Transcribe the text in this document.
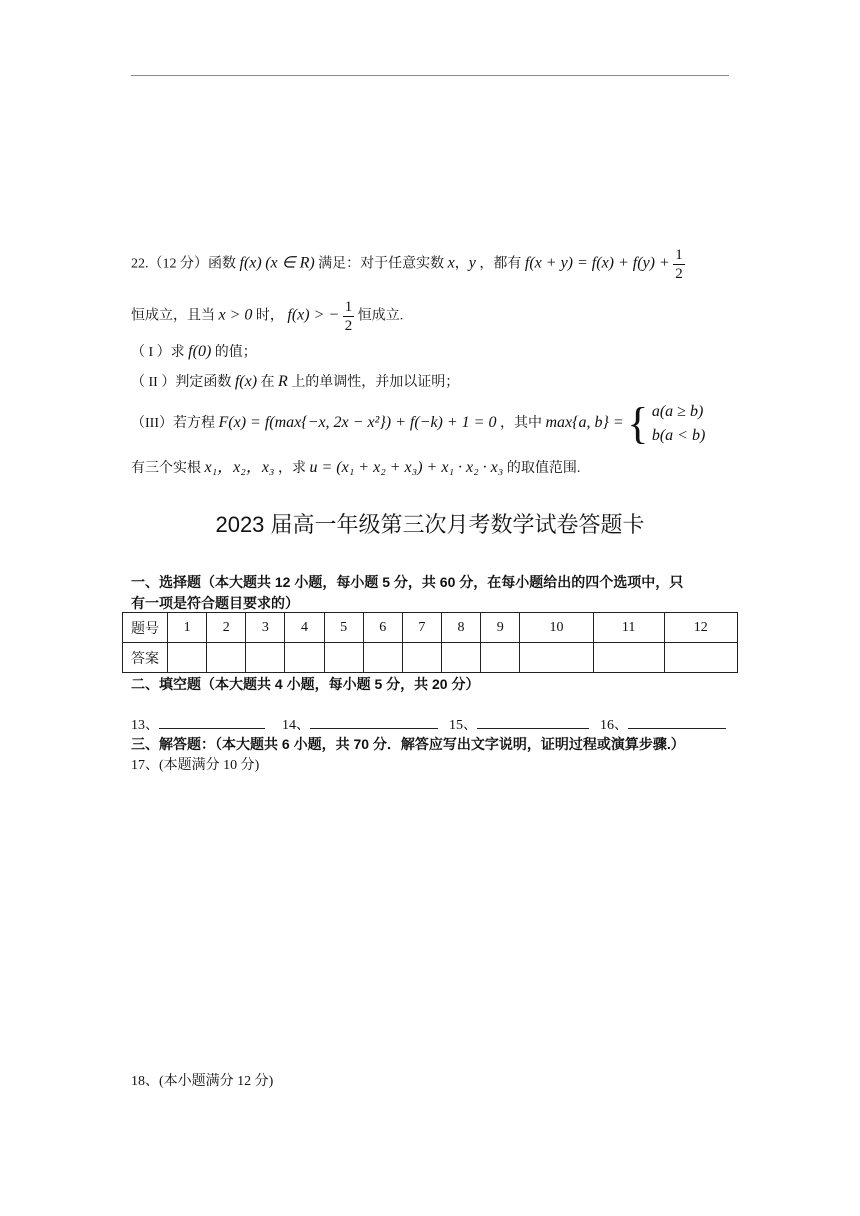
22.（12 分）函数 f(x) (x ∈ R) 满足：对于任意实数 x，y ，都有 $f(x + y) = f(x) + f(y) + \frac{1}{2}$
恒成立，且当 x > 0 时， f(x) > − $\frac{1}{2}$ 恒成立.
（ I ）求 f(0) 的值；
（ II ）判定函数 f(x) 在 R 上的单调性，并加以证明；
（III）若方程 F(x) = f(max{−x, 2x − x²}) + f(−k) + 1 = 0 ，其中 max{a, b} = { a(a ≥ b)
b(a < b)
有三个实根 x₁，x₂，x₃ ，求 u = (x₁ + x₂ + x₃) + x₁ · x₂ · x₃ 的取值范围.
2023 届高一年级第三次月考数学试卷答题卡
一、选择题（本大题共 12 小题，每小题 5 分，共 60 分，在每小题给出的四个选项中，只
有一项是符合题目要求的）
题号	1	2	3	4	5	6	7	8	9	10	11	12
答案												
二、填空题（本大题共 4 小题，每小题 5 分，共 20 分）
13、	14、	15、	16、
三、解答题：（本大题共 6 小题，共 70 分．解答应写出文字说明，证明过程或演算步骤.）
17、(本题满分 10 分)
18、(本小题满分 12 分)
